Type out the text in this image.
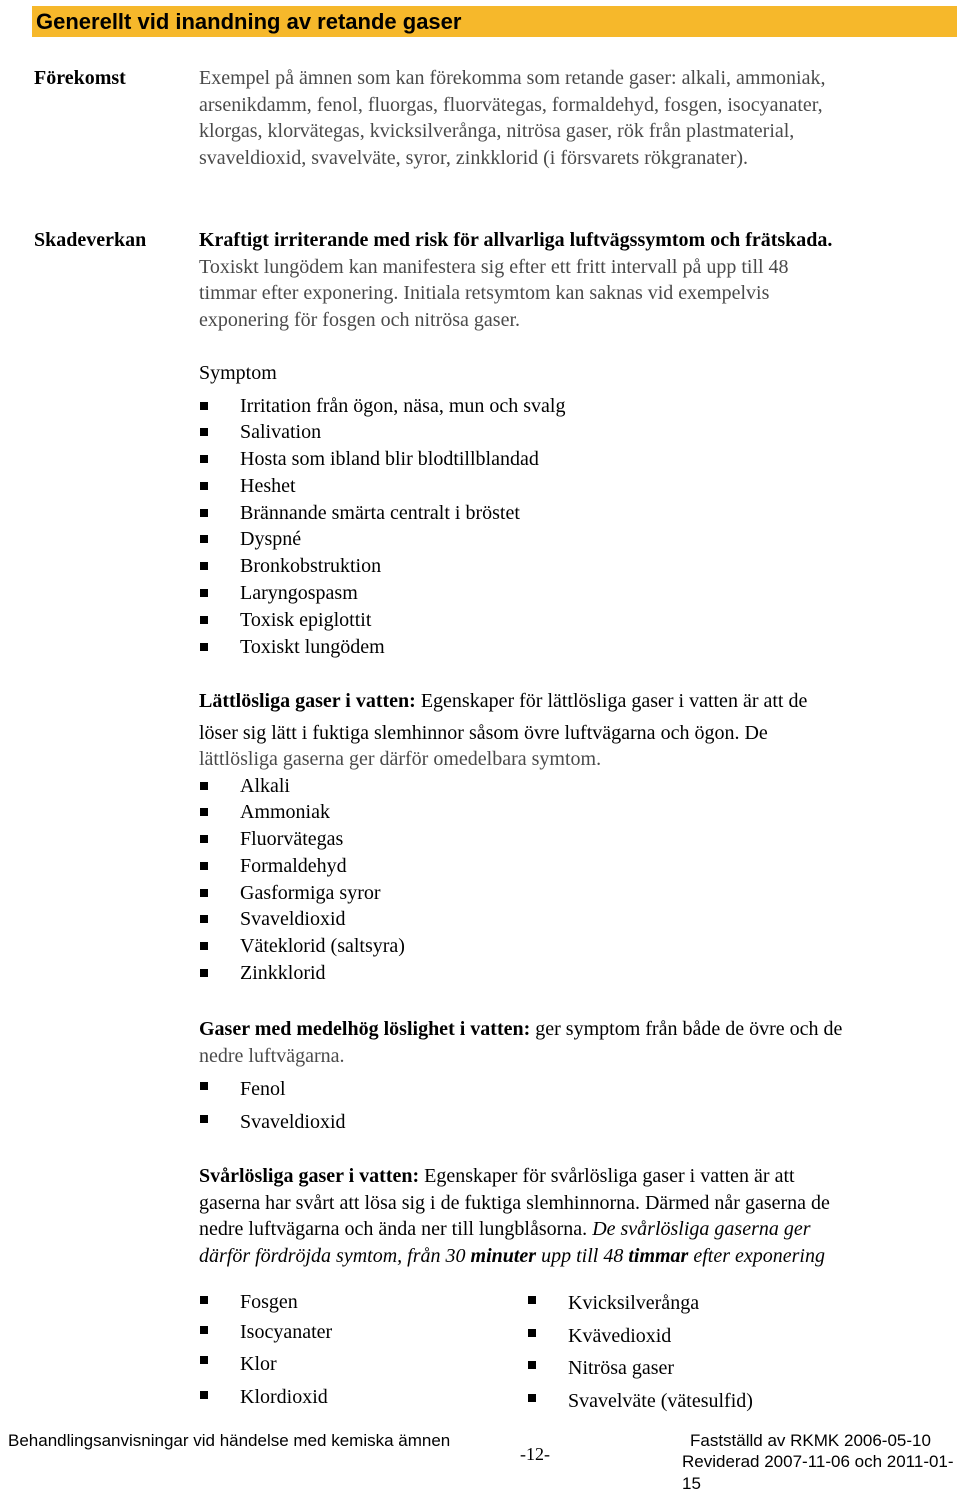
Generellt vid inandning av retande gaser
Förekomst	Exempel på ämnen som kan förekomma som retande gaser: alkali, ammoniak,

arsenikdamm, fenol, fluorgas, fluorvätegas, formaldehyd, fosgen, isocyanater,

klorgas, klorvätegas, kvicksilverånga, nitrösa gaser, rök från plastmaterial,

svaveldioxid, svavelväte, syror, zinkklorid (i försvarets rökgranater).

Skadeverkan	Kraftigt irriterande med risk för allvarliga luftvägssymtom och frätskada.

Toxiskt lungödem kan manifestera sig efter ett fritt intervall på upp till 48

timmar efter exponering. Initiala retsymtom kan saknas vid exempelvis

exponering för fosgen och nitrösa gaser.

Symptom

Irritation från ögon, näsa, mun och svalg
Salivation
Hosta som ibland blir blodtillblandad
Heshet
Brännande smärta centralt i bröstet
Dyspné
Bronkobstruktion
Laryngospasm
Toxisk epiglottit
Toxiskt lungödem

Lättlösliga gaser i vatten: Egenskaper för lättlösliga gaser i vatten är att de

löser sig lätt i fuktiga slemhinnor såsom övre luftvägarna och ögon. De

lättlösliga gaserna ger därför omedelbara symtom.

Alkali
Ammoniak
Fluorvätegas
Formaldehyd
Gasformiga syror
Svaveldioxid
Väteklorid (saltsyra)
Zinkklorid

Gaser med medelhög löslighet i vatten: ger symptom från både de övre och de

nedre luftvägarna.

Fenol
Svaveldioxid

Svårlösliga gaser i vatten: Egenskaper för svårlösliga gaser i vatten är att

gaserna har svårt att lösa sig i de fuktiga slemhinnorna. Därmed når gaserna de

nedre luftvägarna och ända ner till lungblåsorna. De svårlösliga gaserna ger

därför fördröjda symtom, från 30 minuter upp till 48 timmar efter exponering

Fosgen
Isocyanater
Klor
Klordioxid
Kvicksilverånga
Kvävedioxid
Nitrösa gaser
Svavelväte (vätesulfid)
Behandlingsanvisningar vid händelse med kemiska ämnen
-12-
Fastställd av RKMK 2006-05-10
Reviderad 2007-11-06 och 2011-01-15
